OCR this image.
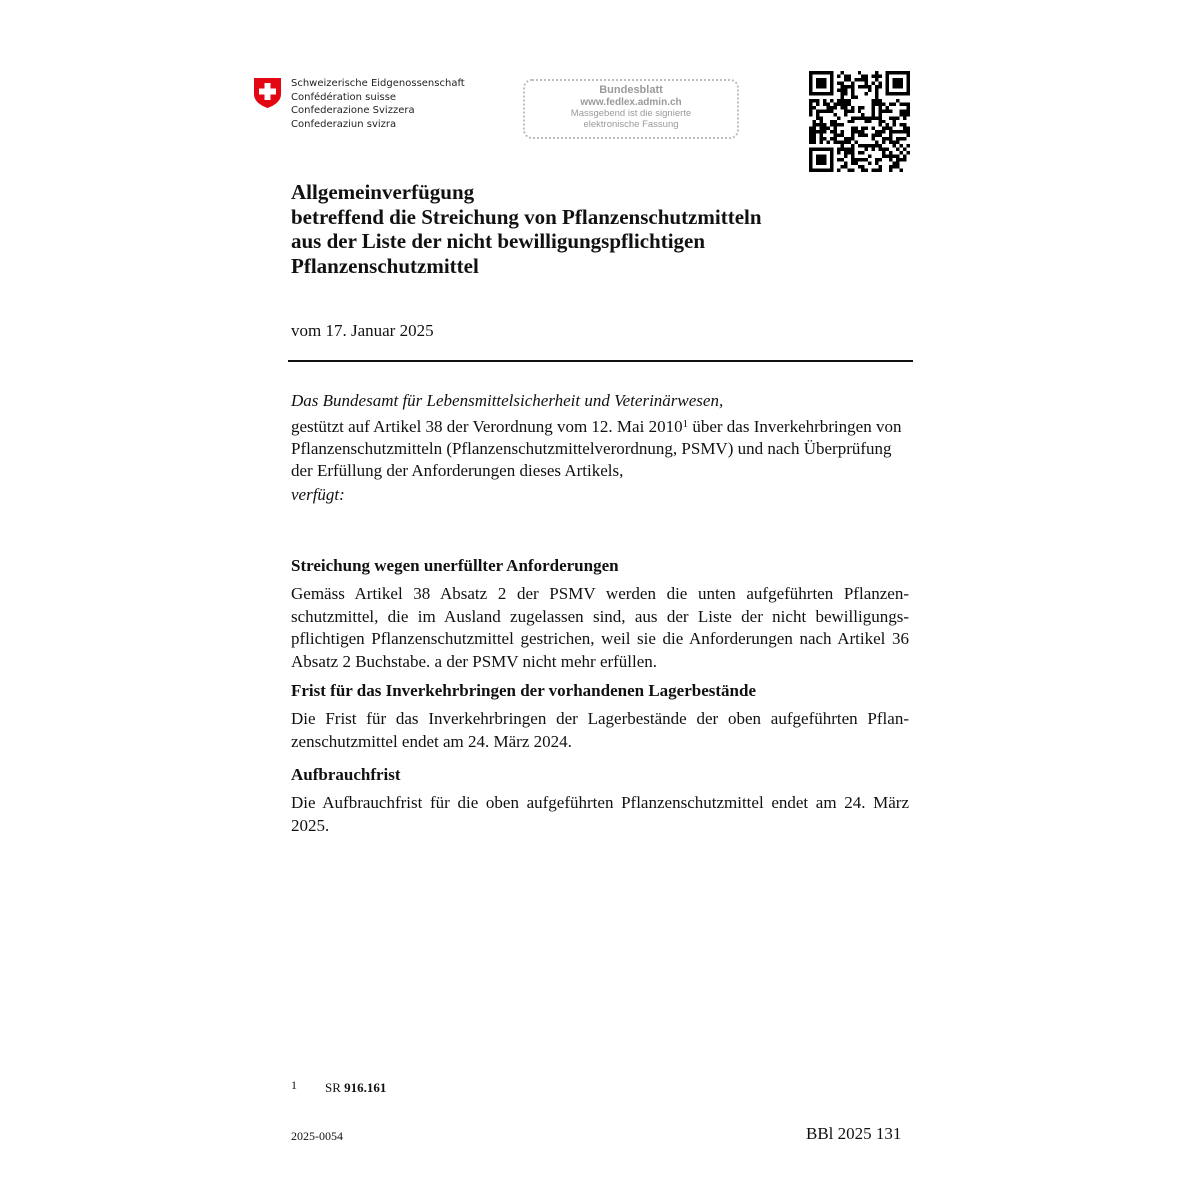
Schweizerische Eidgenossenschaft
Confédération suisse
Confederazione Svizzera
Confederaziun svizra
Bundesblatt
www.fedlex.admin.ch
Massgebend ist die signierte
elektronische Fassung
Allgemeinverfügung
betreffend die Streichung von Pflanzenschutzmitteln
aus der Liste der nicht bewilligungspflichtigen
Pflanzenschutzmittel
vom 17. Januar 2025

Das Bundesamt für Lebensmittelsicherheit und Veterinärwesen,

gestützt auf Artikel 38 der Verordnung vom 12. Mai 2010$^1$ über das Inverkehrbringen von Pflanzenschutzmitteln (Pflanzenschutzmittelverordnung, PSMV) und nach Überprüfung der Erfüllung der Anforderungen dieses Artikels,

verfügt:

Streichung wegen unerfüllter Anforderungen
Gemäss Artikel 38 Absatz 2 der PSMV werden die unten aufgeführten Pflanzenschutzmittel, die im Ausland zugelassen sind, aus der Liste der nicht bewilligungspflichtigen Pflanzenschutzmittel gestrichen, weil sie die Anforderungen nach Artikel 36 Absatz 2 Buchstabe. a der PSMV nicht mehr erfüllen.
Frist für das Inverkehrbringen der vorhandenen Lagerbestände
Die Frist für das Inverkehrbringen der Lagerbestände der oben aufgeführten Pflanzenschutzmittel endet am 24. März 2024.
Aufbrauchfrist
Die Aufbrauchfrist für die oben aufgeführten Pflanzenschutzmittel endet am 24. März 2025.
1 SR 916.161
2025-0054	BBl 2025 131
